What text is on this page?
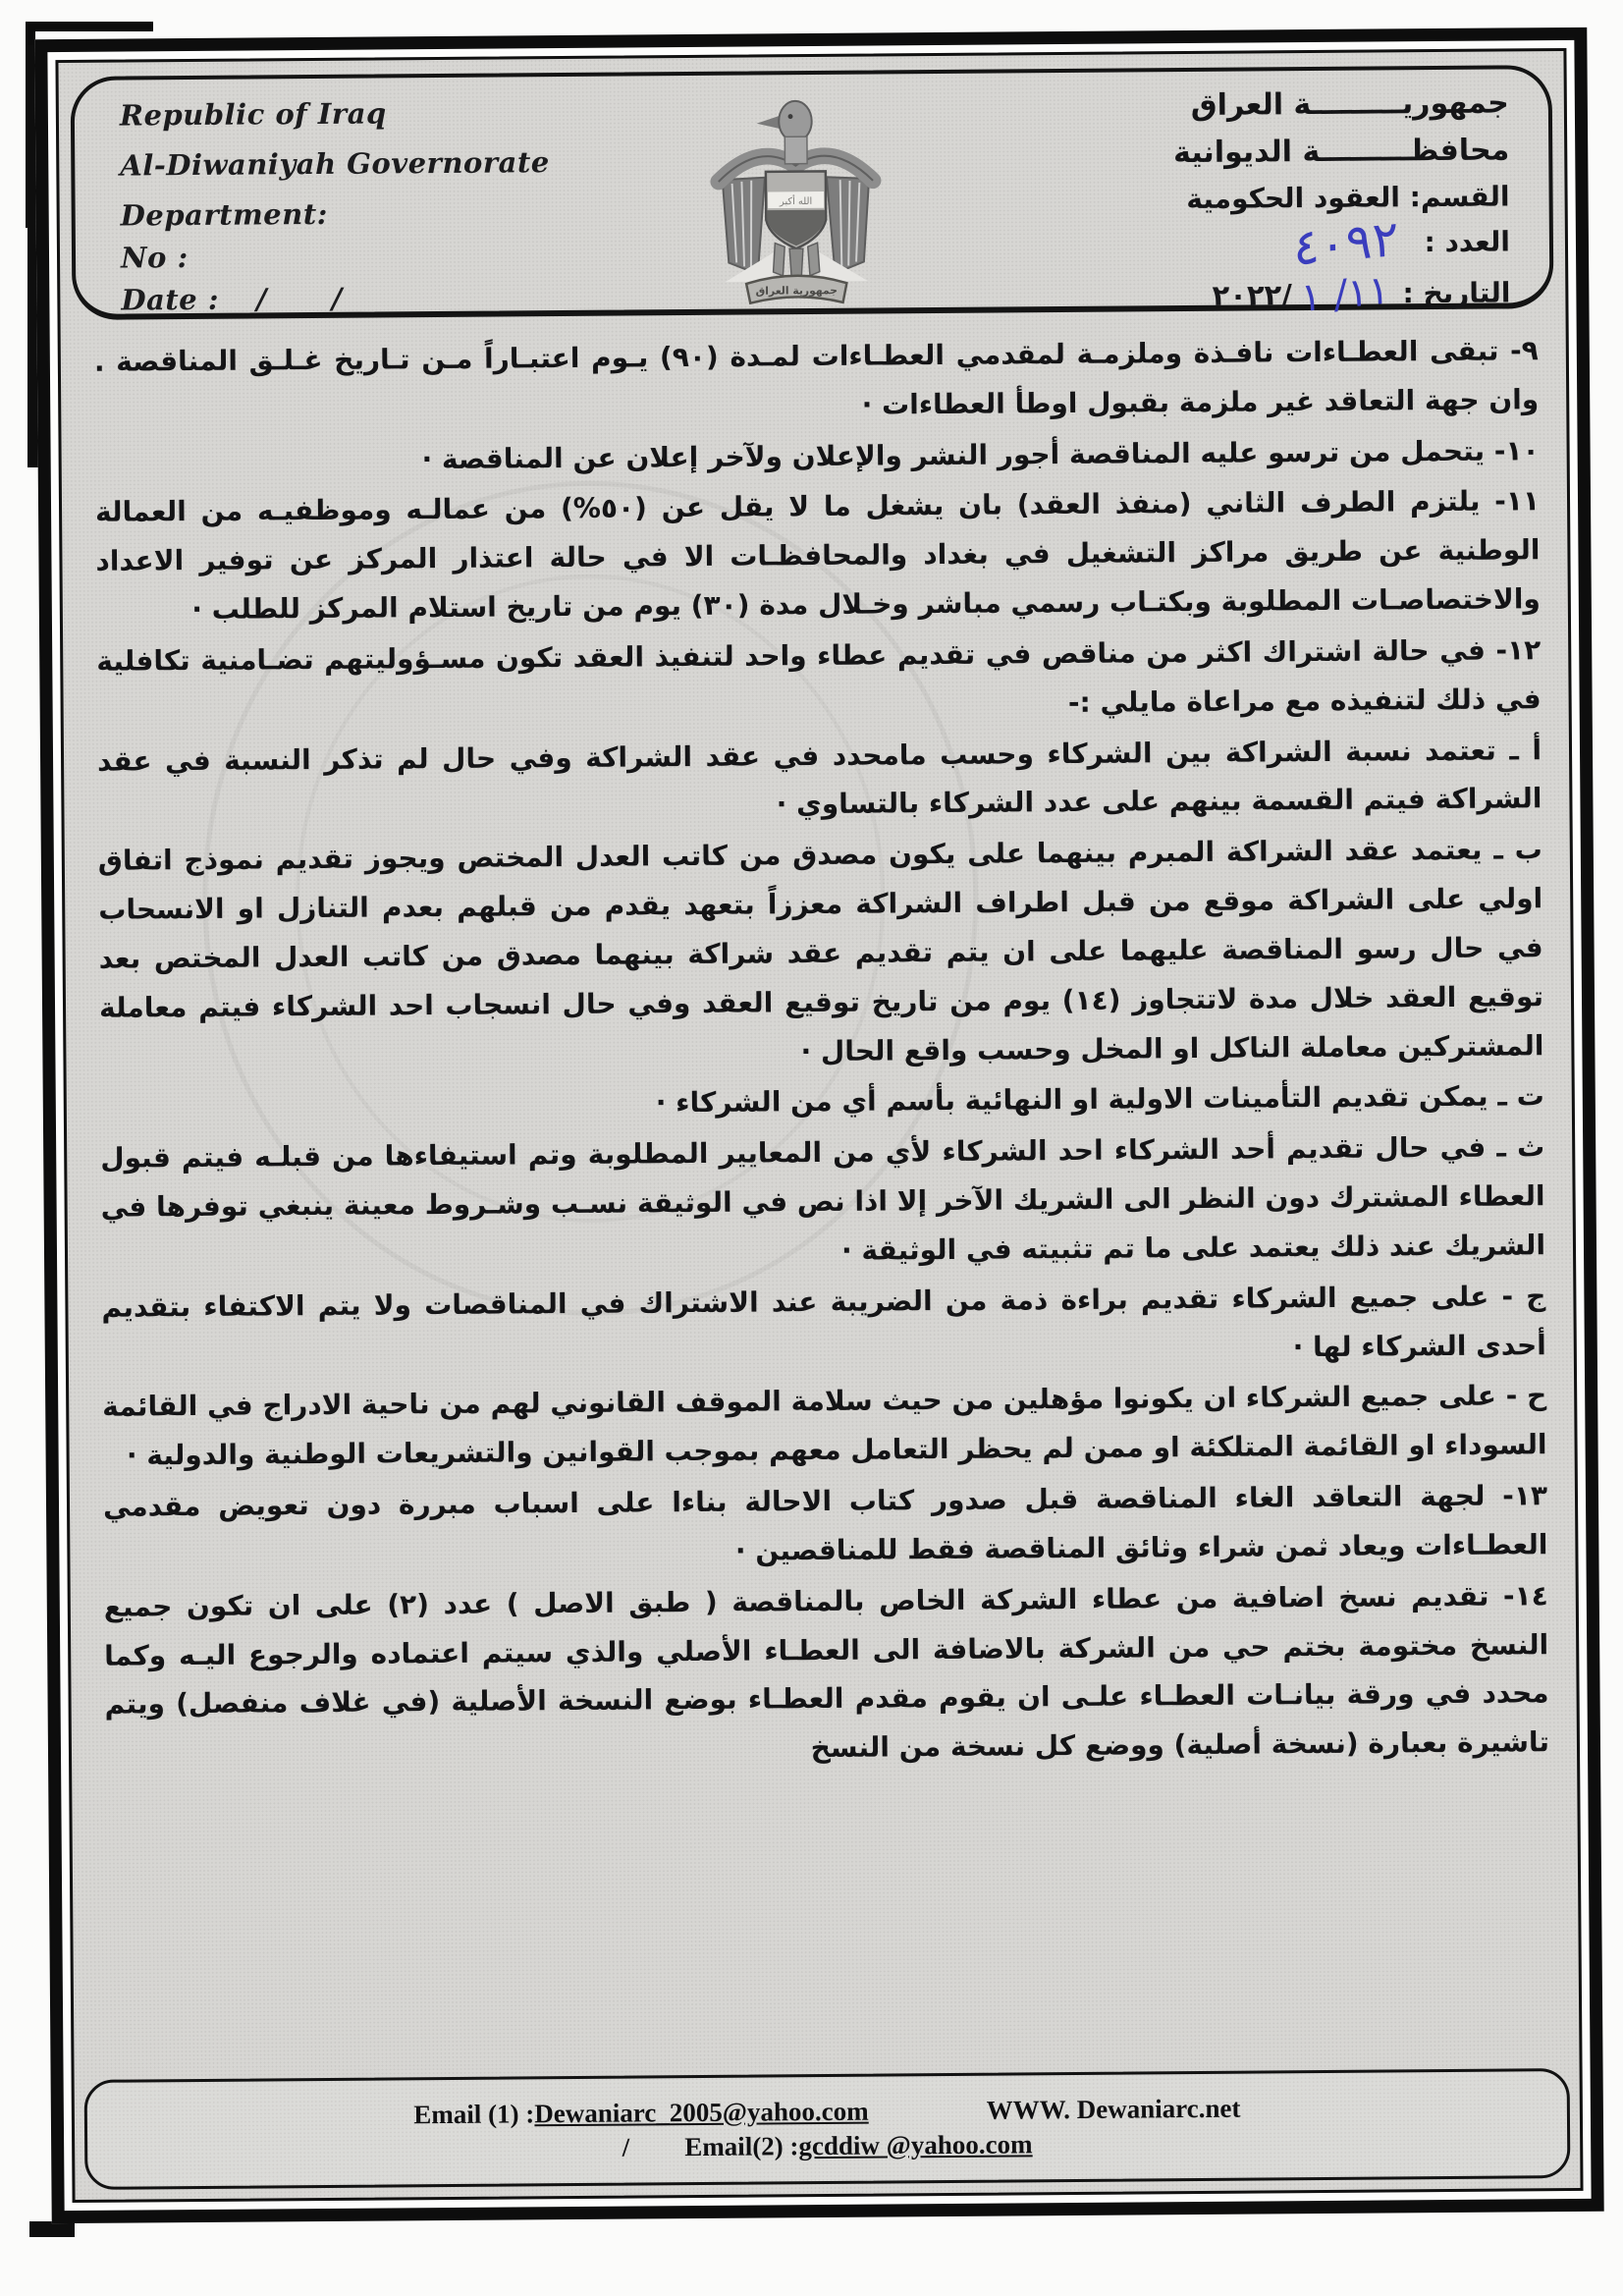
Republic of Iraq
Al-Diwaniyah Governorate
Department:
No :
Date : / /
الله أكبر
جمهورية العراق
جمهوريـــــــــة العراق
محافظـــــــــة الديوانية
القسم: العقود الحكومية
العدد :
٤٠٩٢
التاريخ :
٢٠٢٢/ ١١/ ١

٩- تبقى العطـاءات نافـذة وملزمـة لمقدمي العطـاءات لمـدة (٩٠) يـوم اعتبـاراً مـن تـاريخ غـلـق المناقصة . وان جهة التعاقد غير ملزمة بقبول اوطأ العطاءات ·

١٠- يتحمل من ترسو عليه المناقصة أجور النشر والإعلان ولآخر إعلان عن المناقصة ·

١١- يلتزم الطرف الثاني (منفذ العقد) بان يشغل ما لا يقل عن (٥٠%) من عمالـه وموظفيـه من العمالة الوطنية عن طريق مراكز التشغيل في بغداد والمحافظـات الا في حالة اعتذار المركز عن توفير الاعداد والاختصاصـات المطلوبة وبكتـاب رسمي مباشر وخـلال مدة (٣٠) يوم من تاريخ استلام المركز للطلب ·

١٢- في حالة اشتراك اكثر من مناقص في تقديم عطاء واحد لتنفيذ العقد تكون مسـؤوليتهم تضـامنية تكافلية في ذلك لتنفيذه مع مراعاة مايلي :-

أ ـ تعتمد نسبة الشراكة بين الشركاء وحسب مامحدد في عقد الشراكة وفي حال لم تذكر النسبة في عقد الشراكة فيتم القسمة بينهم على عدد الشركاء بالتساوي ·

ب ـ يعتمد عقد الشراكة المبرم بينهما على يكون مصدق من كاتب العدل المختص ويجوز تقديم نموذج اتفاق اولي على الشراكة موقع من قبل اطراف الشراكة معززاً بتعهد يقدم من قبلهم بعدم التنازل او الانسحاب في حال رسو المناقصة عليهما على ان يتم تقديم عقد شراكة بينهما مصدق من كاتب العدل المختص بعد توقيع العقد خلال مدة لاتتجاوز (١٤) يوم من تاريخ توقيع العقد وفي حال انسجاب احد الشركاء فيتم معاملة المشتركين معاملة الناكل او المخل وحسب واقع الحال ·

ت ـ يمكن تقديم التأمينات الاولية او النهائية بأسم أي من الشركاء ·

ث ـ في حال تقديم أحد الشركاء احد الشركاء لأي من المعايير المطلوبة وتم استيفاءها من قبلـه فيتم قبول العطاء المشترك دون النظر الى الشريك الآخر إلا اذا نص في الوثيقة نسـب وشـروط معينة ينبغي توفرها في الشريك عند ذلك يعتمد على ما تم تثبيته في الوثيقة ·

ج - على جميع الشركاء تقديم براءة ذمة من الضريبة عند الاشتراك في المناقصات ولا يتم الاكتفاء بتقديم أحدى الشركاء لها ·

ح - على جميع الشركاء ان يكونوا مؤهلين من حيث سلامة الموقف القانوني لهم من ناحية الادراج في القائمة السوداء او القائمة المتلكئة او ممن لم يحظر التعامل معهم بموجب القوانين والتشريعات الوطنية والدولية ·

١٣- لجهة التعاقد الغاء المناقصة قبل صدور كتاب الاحالة بناءا على اسباب مبررة دون تعويض مقدمي العطـاءات ويعاد ثمن شراء وثائق المناقصة فقط للمناقصين ·

١٤- تقديم نسخ اضافية من عطاء الشركة الخاص بالمناقصة ( طبق الاصل ) عدد (٢) على ان تكون جميع النسخ مختومة بختم حي من الشركة بالاضافة الى العطـاء الأصلي والذي سيتم اعتماده والرجوع اليـه وكما محدد في ورقة بيانـات العطـاء علـى ان يقوم مقدم العطـاء بوضع النسخة الأصلية (في غلاف منفصل) ويتم تاشيرة بعبارة (نسخة أصلية) ووضع كل نسخة من النسخ

Email (1) : Dewaniarc_2005@yahoo.com	WWW. Dewaniarc.net
/ Email(2) : gcddiw @yahoo.com
